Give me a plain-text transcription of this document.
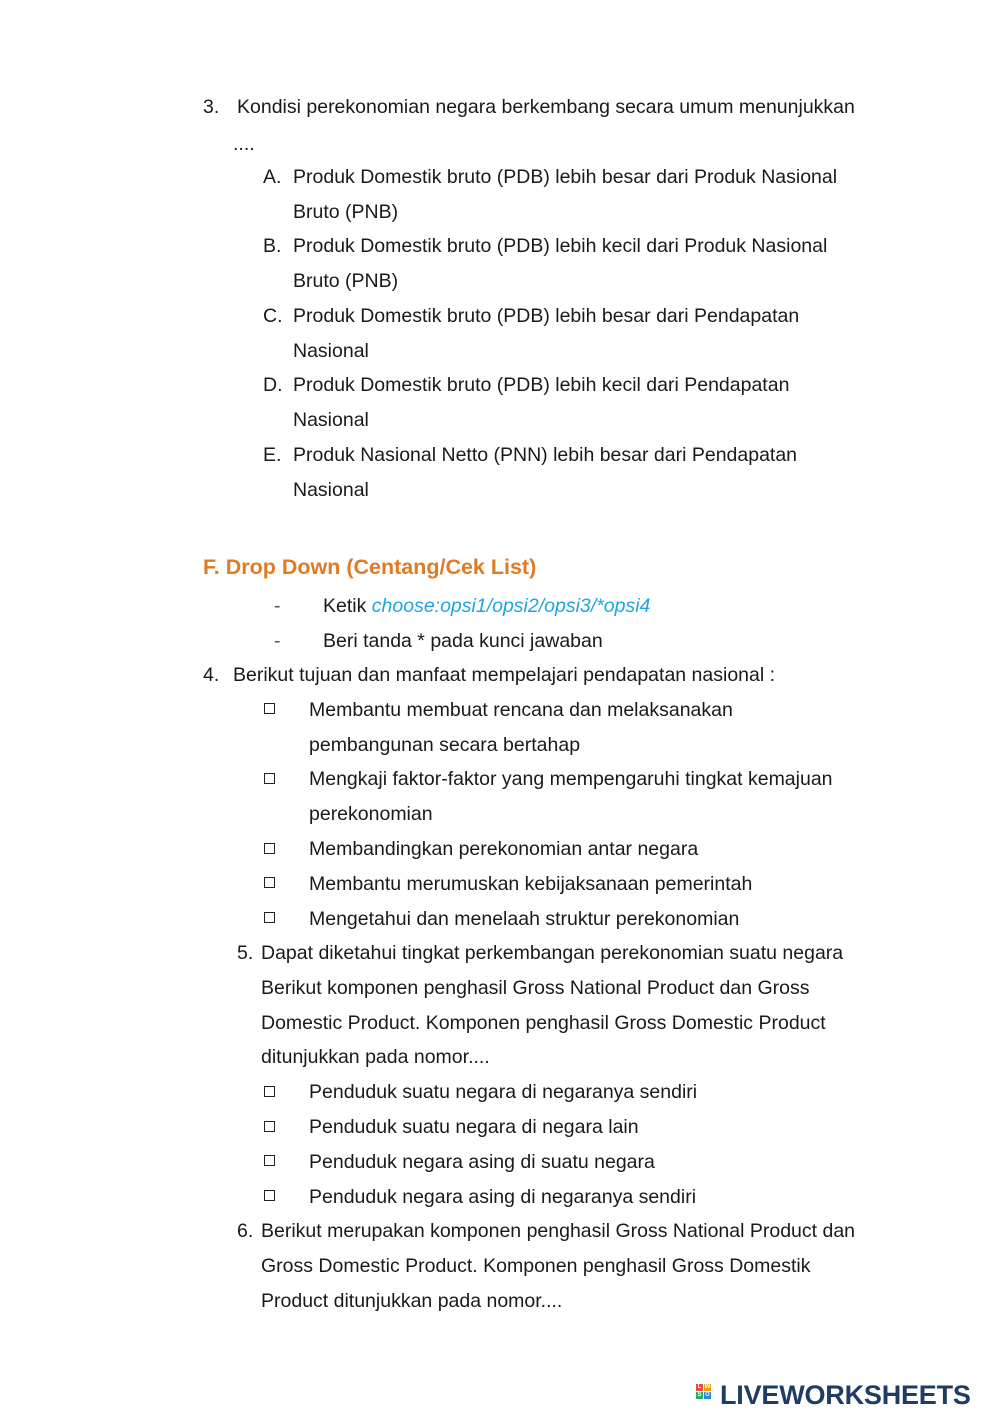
3. Kondisi perekonomian negara berkembang secara umum menunjukkan
....
A. Produk Domestik bruto (PDB) lebih besar dari Produk Nasional
Bruto (PNB)
B. Produk Domestik bruto (PDB) lebih kecil dari Produk Nasional
Bruto (PNB)
C. Produk Domestik bruto (PDB) lebih besar dari Pendapatan
Nasional
D. Produk Domestik bruto (PDB) lebih kecil dari Pendapatan
Nasional
E. Produk Nasional Netto (PNN) lebih besar dari Pendapatan
Nasional
F. Drop Down (Centang/Cek List)
- Ketik choose:opsi1/opsi2/opsi3/*opsi4
- Beri tanda * pada kunci jawaban
4. Berikut tujuan dan manfaat mempelajari pendapatan nasional :
Membantu membuat rencana dan melaksanakan
pembangunan secara bertahap
Mengkaji faktor-faktor yang mempengaruhi tingkat kemajuan
perekonomian
Membandingkan perekonomian antar negara
Membantu merumuskan kebijaksanaan pemerintah
Mengetahui dan menelaah struktur perekonomian
5. Dapat diketahui tingkat perkembangan perekonomian suatu negara
Berikut komponen penghasil Gross National Product dan Gross
Domestic Product. Komponen penghasil Gross Domestic Product
ditunjukkan pada nomor....
Penduduk suatu negara di negaranya sendiri
Penduduk suatu negara di negara lain
Penduduk negara asing di suatu negara
Penduduk negara asing di negaranya sendiri
6. Berikut merupakan komponen penghasil Gross National Product dan
Gross Domestic Product. Komponen penghasil Gross Domestik
Product ditunjukkan pada nomor....
L W
S O LIVEWORKSHEETS
